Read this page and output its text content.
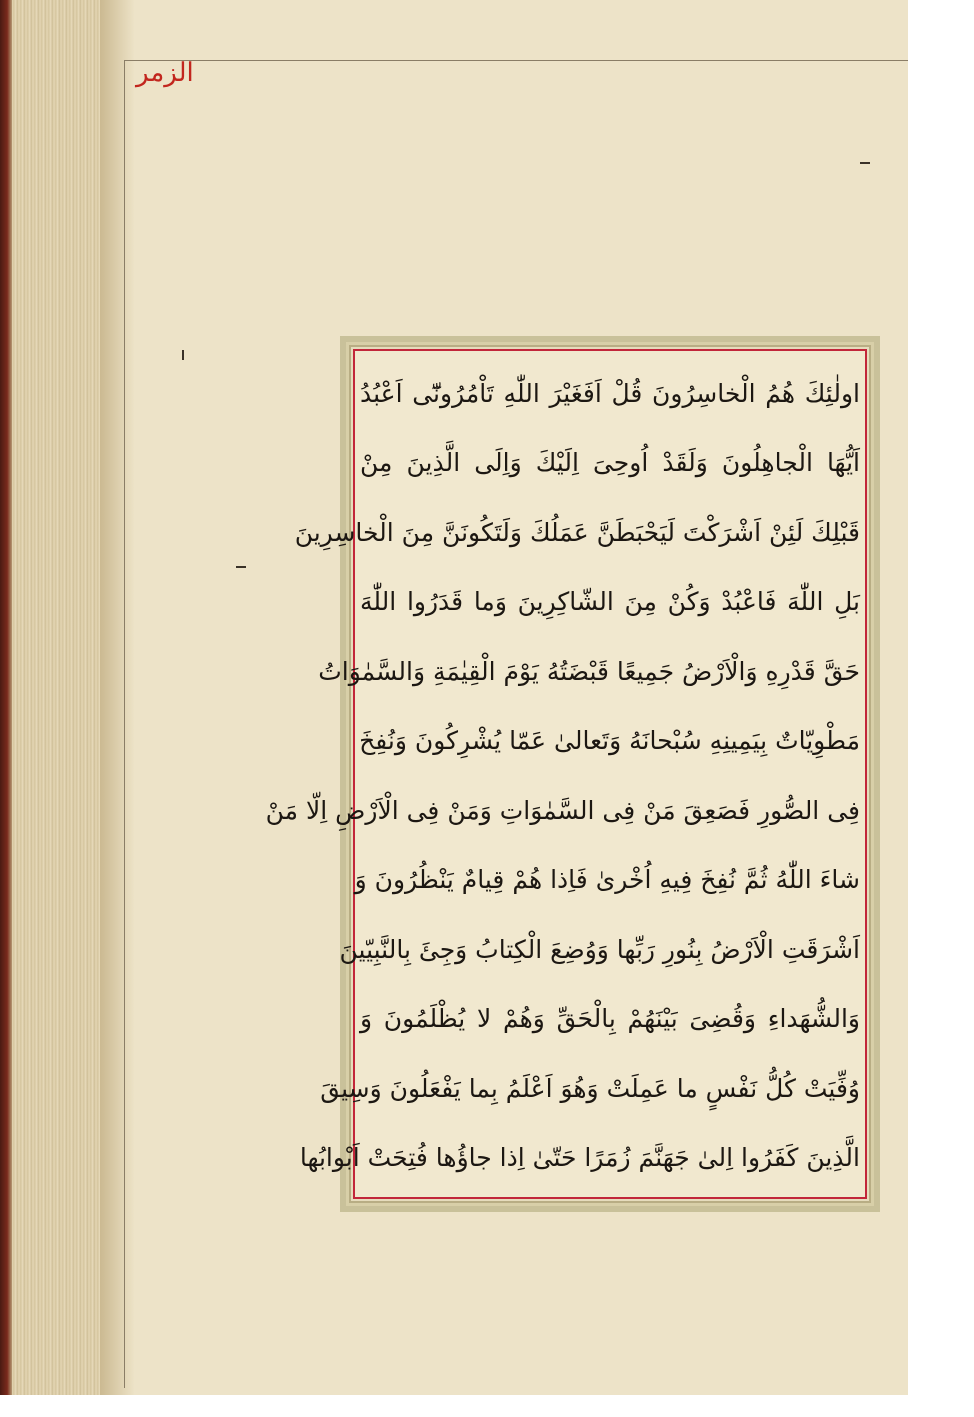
الزمر
اولٰئِكَ هُمُ الْخاسِرُونَ قُلْ اَفَغَيْرَ اللّٰهِ تَاْمُرُونّٓى اَعْبُدُ
اَيُّهَا الْجاهِلُونَ وَلَقَدْ اُوحِىَ اِلَيْكَ وَاِلَى الَّذِينَ مِنْ
قَبْلِكَ لَئِنْ اَشْرَكْتَ لَيَحْبَطَنَّ عَمَلُكَ وَلَتَكُونَنَّ مِنَ الْخاسِرِينَ
بَلِ اللّٰهَ فَاعْبُدْ وَكُنْ مِنَ الشّاكِرِينَ وَما قَدَرُوا اللّٰهَ
حَقَّ قَدْرِهِ وَالْاَرْضُ جَمِيعًا قَبْضَتُهُ يَوْمَ الْقِيٰمَةِ وَالسَّمٰوَاتُ
مَطْوِيّاتٌ بِيَمِينِهِ سُبْحانَهُ وَتَعالىٰ عَمّا يُشْرِكُونَ وَنُفِخَ
فِى الصُّورِ فَصَعِقَ مَنْ فِى السَّمٰوَاتِ وَمَنْ فِى الْاَرْضِ اِلّا مَنْ
شاءَ اللّٰهُ ثُمَّ نُفِخَ فِيهِ اُخْرىٰ فَاِذا هُمْ قِيامٌ يَنْظُرُونَ وَ
اَشْرَقَتِ الْاَرْضُ بِنُورِ رَبِّها وَوُضِعَ الْكِتابُ وَجِئَ بِالنَّبِيّينَ
وَالشُّهَداءِ وَقُضِىَ بَيْنَهُمْ بِالْحَقِّ وَهُمْ لا يُظْلَمُونَ وَ
وُفِّيَتْ كُلُّ نَفْسٍ ما عَمِلَتْ وَهُوَ اَعْلَمُ بِما يَفْعَلُونَ وَسِيقَ
الَّذِينَ كَفَرُوا اِلىٰ جَهَنَّمَ زُمَرًا حَتّىٰ اِذا جاؤُها فُتِحَتْ اَبْوابُها
